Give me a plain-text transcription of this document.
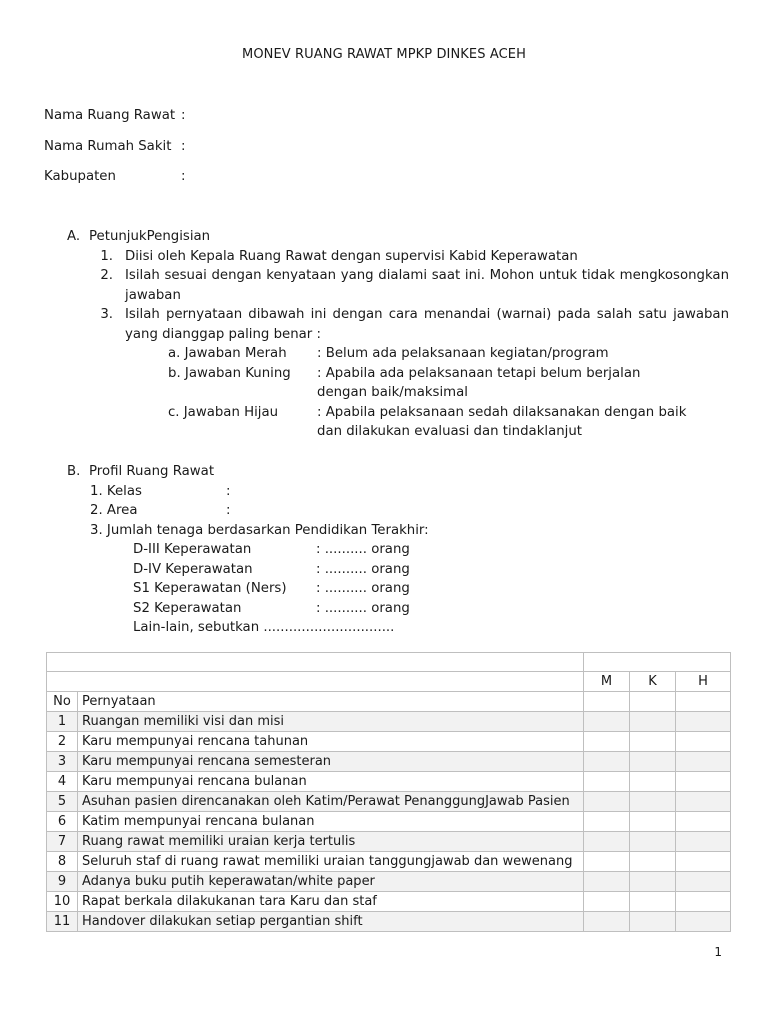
MONEV RUANG RAWAT MPKP DINKES ACEH
Nama Ruang Rawat :
Nama Rumah Sakit :
Kabupaten	:
A. PetunjukPengisian
1. Diisi oleh Kepala Ruang Rawat dengan supervisi Kabid Keperawatan
2. Isilah sesuai dengan kenyataan yang dialami saat ini. Mohon untuk tidak mengkosongkan jawaban
3. Isilah pernyataan dibawah ini dengan cara menandai (warnai) pada salah satu jawaban yang dianggap paling benar :
a. Jawaban Merah	: Belum ada pelaksanaan kegiatan/program
b. Jawaban Kuning	: Apabila ada pelaksanaan tetapi belum berjalan dengan baik/maksimal
c. Jawaban Hijau	: Apabila pelaksanaan sedah dilaksanakan dengan baik dan dilakukan evaluasi dan tindaklanjut
B. Profil Ruang Rawat
1. Kelas	:
2. Area	:
3. Jumlah tenaga berdasarkan Pendidikan Terakhir:
D-III Keperawatan	: .......... orang
D-IV Keperawatan	: .......... orang
S1 Keperawatan (Ners)	: .......... orang
S2 Keperawatan	: .......... orang
Lain-lain, sebutkan ...............................

		M	K	H
No	Pernyataan			
1	Ruangan memiliki visi dan misi			
2	Karu mempunyai rencana tahunan			
3	Karu mempunyai rencana semesteran			
4	Karu mempunyai rencana bulanan			
5	Asuhan pasien direncanakan oleh Katim/Perawat PenanggungJawab Pasien			
6	Katim mempunyai rencana bulanan			
7	Ruang rawat memiliki uraian kerja tertulis			
8	Seluruh staf di ruang rawat memiliki uraian tanggungjawab dan wewenang			
9	Adanya buku putih keperawatan/white paper			
10	Rapat berkala dilakukanan tara Karu dan staf			
11	Handover dilakukan setiap pergantian shift			
1
